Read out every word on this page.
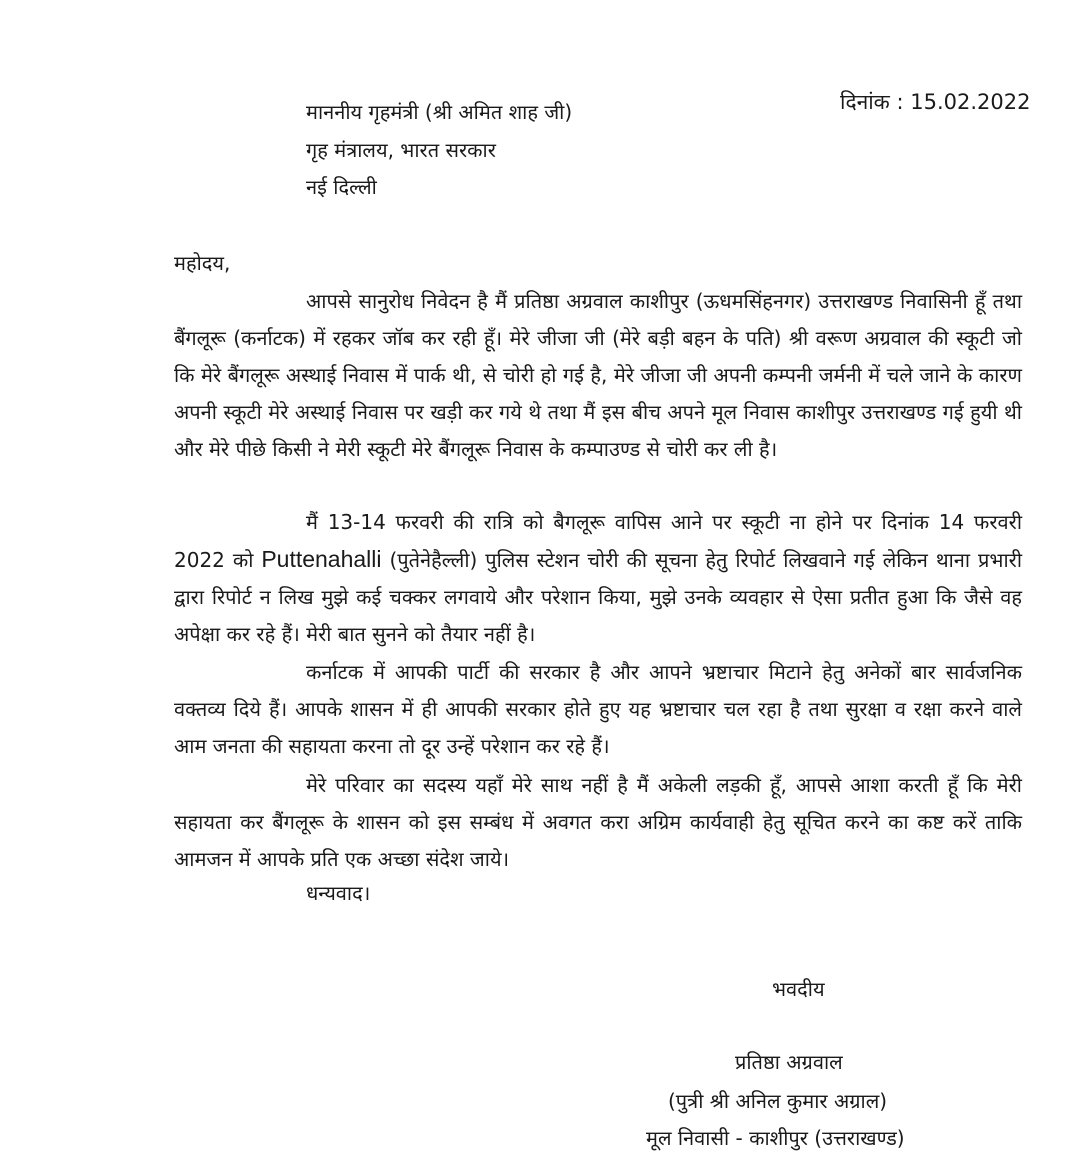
दिनांक : 15.02.2022
माननीय गृहमंत्री (श्री अमित शाह जी)
गृह मंत्रालय, भारत सरकार
नई दिल्ली
महोदय,

आपसे सानुरोध निवेदन है मैं प्रतिष्ठा अग्रवाल काशीपुर (ऊधमसिंहनगर) उत्तराखण्ड निवासिनी हूँ तथा बैंगलूरू (कर्नाटक) में रहकर जॉब कर रही हूँ। मेरे जीजा जी (मेरे बड़ी बहन के पति) श्री वरूण अग्रवाल की स्कूटी जो कि मेरे बैंगलूरू अस्थाई निवास में पार्क थी, से चोरी हो गई है, मेरे जीजा जी अपनी कम्पनी जर्मनी में चले जाने के कारण अपनी स्कूटी मेरे अस्थाई निवास पर खड़ी कर गये थे तथा मैं इस बीच अपने मूल निवास काशीपुर उत्तराखण्ड गई हुयी थी और मेरे पीछे किसी ने मेरी स्कूटी मेरे बैंगलूरू निवास के कम्पाउण्ड से चोरी कर ली है।

मैं 13-14 फरवरी की रात्रि को बैगलूरू वापिस आने पर स्कूटी ना होने पर दिनांक 14 फरवरी 2022 को Puttenahalli (पुतेनेहैल्ली) पुलिस स्टेशन चोरी की सूचना हेतु रिपोर्ट लिखवाने गई लेकिन थाना प्रभारी द्वारा रिपोर्ट न लिख मुझे कई चक्कर लगवाये और परेशान किया, मुझे उनके व्यवहार से ऐसा प्रतीत हुआ कि जैसे वह अपेक्षा कर रहे हैं। मेरी बात सुनने को तैयार नहीं है।

कर्नाटक में आपकी पार्टी की सरकार है और आपने भ्रष्टाचार मिटाने हेतु अनेकों बार सार्वजनिक वक्तव्य दिये हैं। आपके शासन में ही आपकी सरकार होते हुए यह भ्रष्टाचार चल रहा है तथा सुरक्षा व रक्षा करने वाले आम जनता की सहायता करना तो दूर उन्हें परेशान कर रहे हैं।

मेरे परिवार का सदस्य यहाँ मेरे साथ नहीं है मैं अकेली लड़की हूँ, आपसे आशा करती हूँ कि मेरी सहायता कर बैंगलूरू के शासन को इस सम्बंध में अवगत करा अग्रिम कार्यवाही हेतु सूचित करने का कष्ट करें ताकि आमजन में आपके प्रति एक अच्छा संदेश जाये।

धन्यवाद।
भवदीय
प्रतिष्ठा अग्रवाल
(पुत्री श्री अनिल कुमार अग्राल)
मूल निवासी - काशीपुर (उत्तराखण्ड)
